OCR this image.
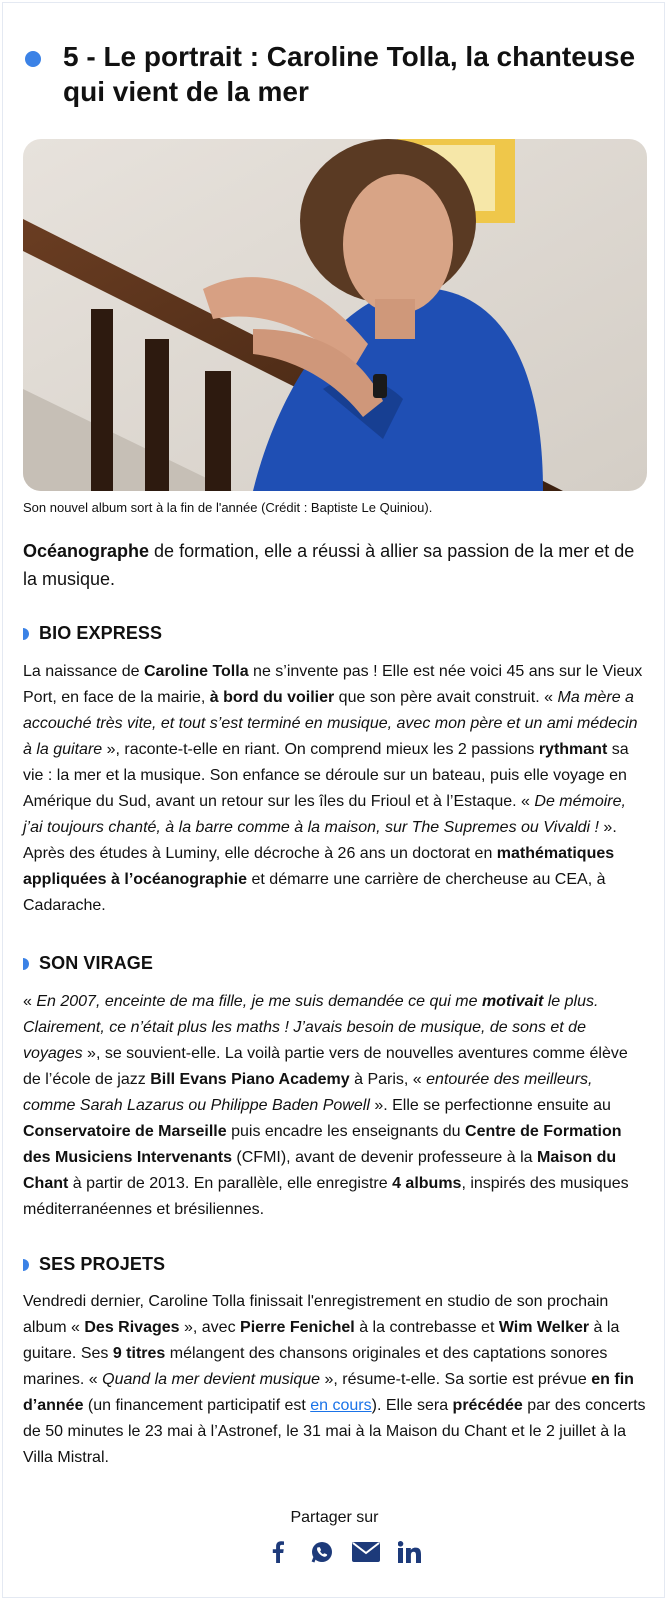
5 - Le portrait : Caroline Tolla, la chanteuse qui vient de la mer
Son nouvel album sort à la fin de l'année (Crédit : Baptiste Le Quiniou).
Océanographe de formation, elle a réussi à allier sa passion de la mer et de la musique.
BIO EXPRESS
La naissance de Caroline Tolla ne s’invente pas ! Elle est née voici 45 ans sur le Vieux Port, en face de la mairie, à bord du voilier que son père avait construit. « Ma mère a accouché très vite, et tout s’est terminé en musique, avec mon père et un ami médecin à la guitare », raconte-t-elle en riant. On comprend mieux les 2 passions rythmant sa vie : la mer et la musique. Son enfance se déroule sur un bateau, puis elle voyage en Amérique du Sud, avant un retour sur les îles du Frioul et à l’Estaque. « De mémoire, j’ai toujours chanté, à la barre comme à la maison, sur The Supremes ou Vivaldi ! ». Après des études à Luminy, elle décroche à 26 ans un doctorat en mathématiques appliquées à l’océanographie et démarre une carrière de chercheuse au CEA, à Cadarache.
SON VIRAGE
« En 2007, enceinte de ma fille, je me suis demandée ce qui me motivait le plus. Clairement, ce n’était plus les maths ! J’avais besoin de musique, de sons et de voyages », se souvient-elle. La voilà partie vers de nouvelles aventures comme élève de l’école de jazz Bill Evans Piano Academy à Paris, « entourée des meilleurs, comme Sarah Lazarus ou Philippe Baden Powell ». Elle se perfectionne ensuite au Conservatoire de Marseille puis encadre les enseignants du Centre de Formation des Musiciens Intervenants (CFMI), avant de devenir professeure à la Maison du Chant à partir de 2013. En parallèle, elle enregistre 4 albums, inspirés des musiques méditerranéennes et brésiliennes.
SES PROJETS
Vendredi dernier, Caroline Tolla finissait l'enregistrement en studio de son prochain album « Des Rivages », avec Pierre Fenichel à la contrebasse et Wim Welker à la guitare. Ses 9 titres mélangent des chansons originales et des captations sonores marines. « Quand la mer devient musique », résume-t-elle. Sa sortie est prévue en fin d’année (un financement participatif est en cours). Elle sera précédée par des concerts de 50 minutes le 23 mai à l’Astronef, le 31 mai à la Maison du Chant et le 2 juillet à la Villa Mistral.
Partager sur
